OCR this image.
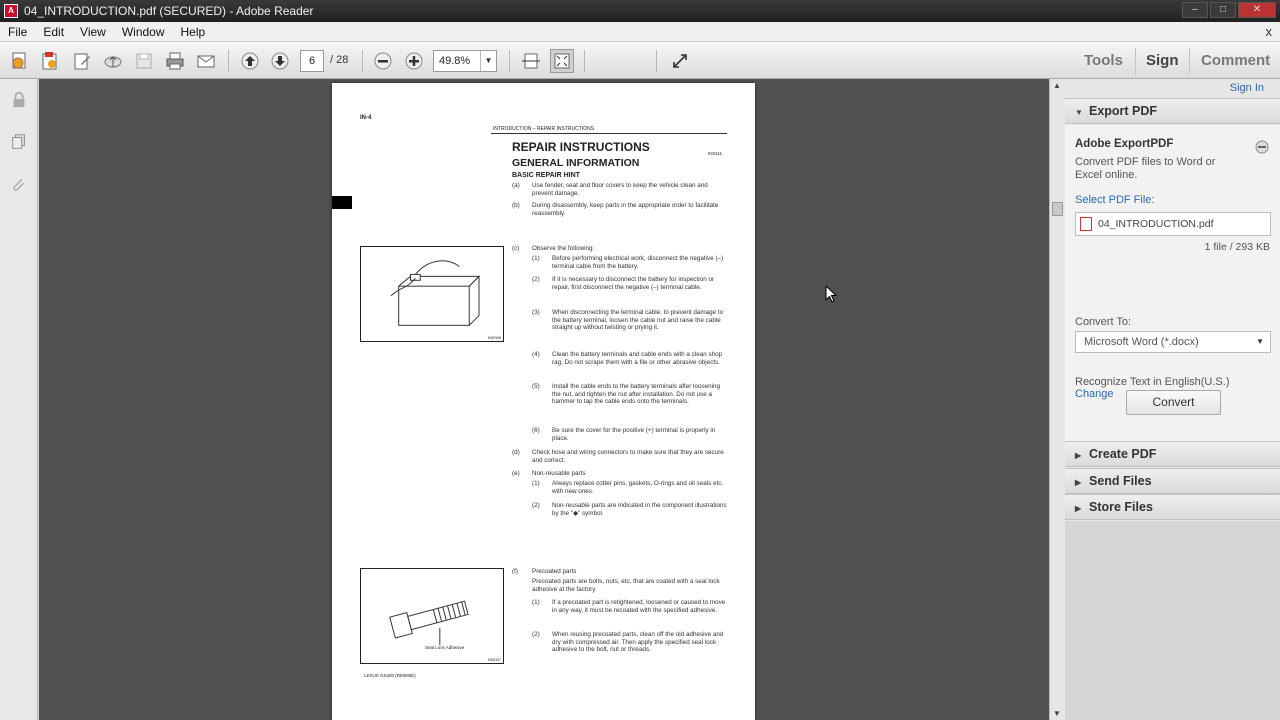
A 04_INTRODUCTION.pdf (SECURED) - Adobe Reader	–	□	✕
File	Edit	View	Window	Help	x
6	/ 28	49.8%	▼	Tools Sign Comment
IN-4
INTRODUCTION – REPAIR INSTRUCTIONS
REPAIR INSTRUCTIONS
GENERAL INFORMATION
IN0111
BASIC REPAIR HINT
(a) Use fender, seat and floor covers to keep the vehicle clean and prevent damage.
(b) During disassembly, keep parts in the appropriate order to facilitate reassembly.
IN0006
(c) Observe the following:
(1) Before performing electrical work, disconnect the negative (–) terminal cable from the battery.
(2) If it is necessary to disconnect the battery for inspection or repair, first disconnect the negative (–) terminal cable.
(3) When disconnecting the terminal cable, to prevent damage to the battery terminal, loosen the cable nut and raise the cable straight up without twisting or prying it.
(4) Clean the battery terminals and cable ends with a clean shop rag. Do not scrape them with a file or other abrasive objects.
(5) Install the cable ends to the battery terminals after loosening the nut, and tighten the nut after installation. Do not use a hammer to tap the cable ends onto the terminals.
(6) Be sure the cover for the positive (+) terminal is properly in place.
(d) Check hose and wiring connectors to make sure that they are secure and correct.
(e) Non-reusable parts
(1) Always replace cotter pins, gaskets, O-rings and oil seals etc. with new ones.
(2) Non-reusable parts are indicated in the component illustrations by the "◆" symbol.
Seal Lock Adhesive
IN0007
(f) Precoated parts
Precoated parts are bolts, nuts, etc. that are coated with a seal lock adhesive at the factory.
(1) If a precoated part is retightened, loosened or caused to move in any way, it must be recoated with the specified adhesive.
(2) When reusing precoated parts, clean off the old adhesive and dry with compressed air. Then apply the specified seal lock adhesive to the bolt, nut or threads.
LEXUS GS300 (RM395E)
▲
▼
Sign In
▼ Export PDF
Adobe ExportPDF
Convert PDF files to Word or Excel online.
Select PDF File:
04_INTRODUCTION.pdf
1 file / 293 KB
Convert To:
Microsoft Word (*.docx)	▼
Recognize Text in English(U.S.)
Change
Convert
▶ Create PDF
▶ Send Files
▶ Store Files
